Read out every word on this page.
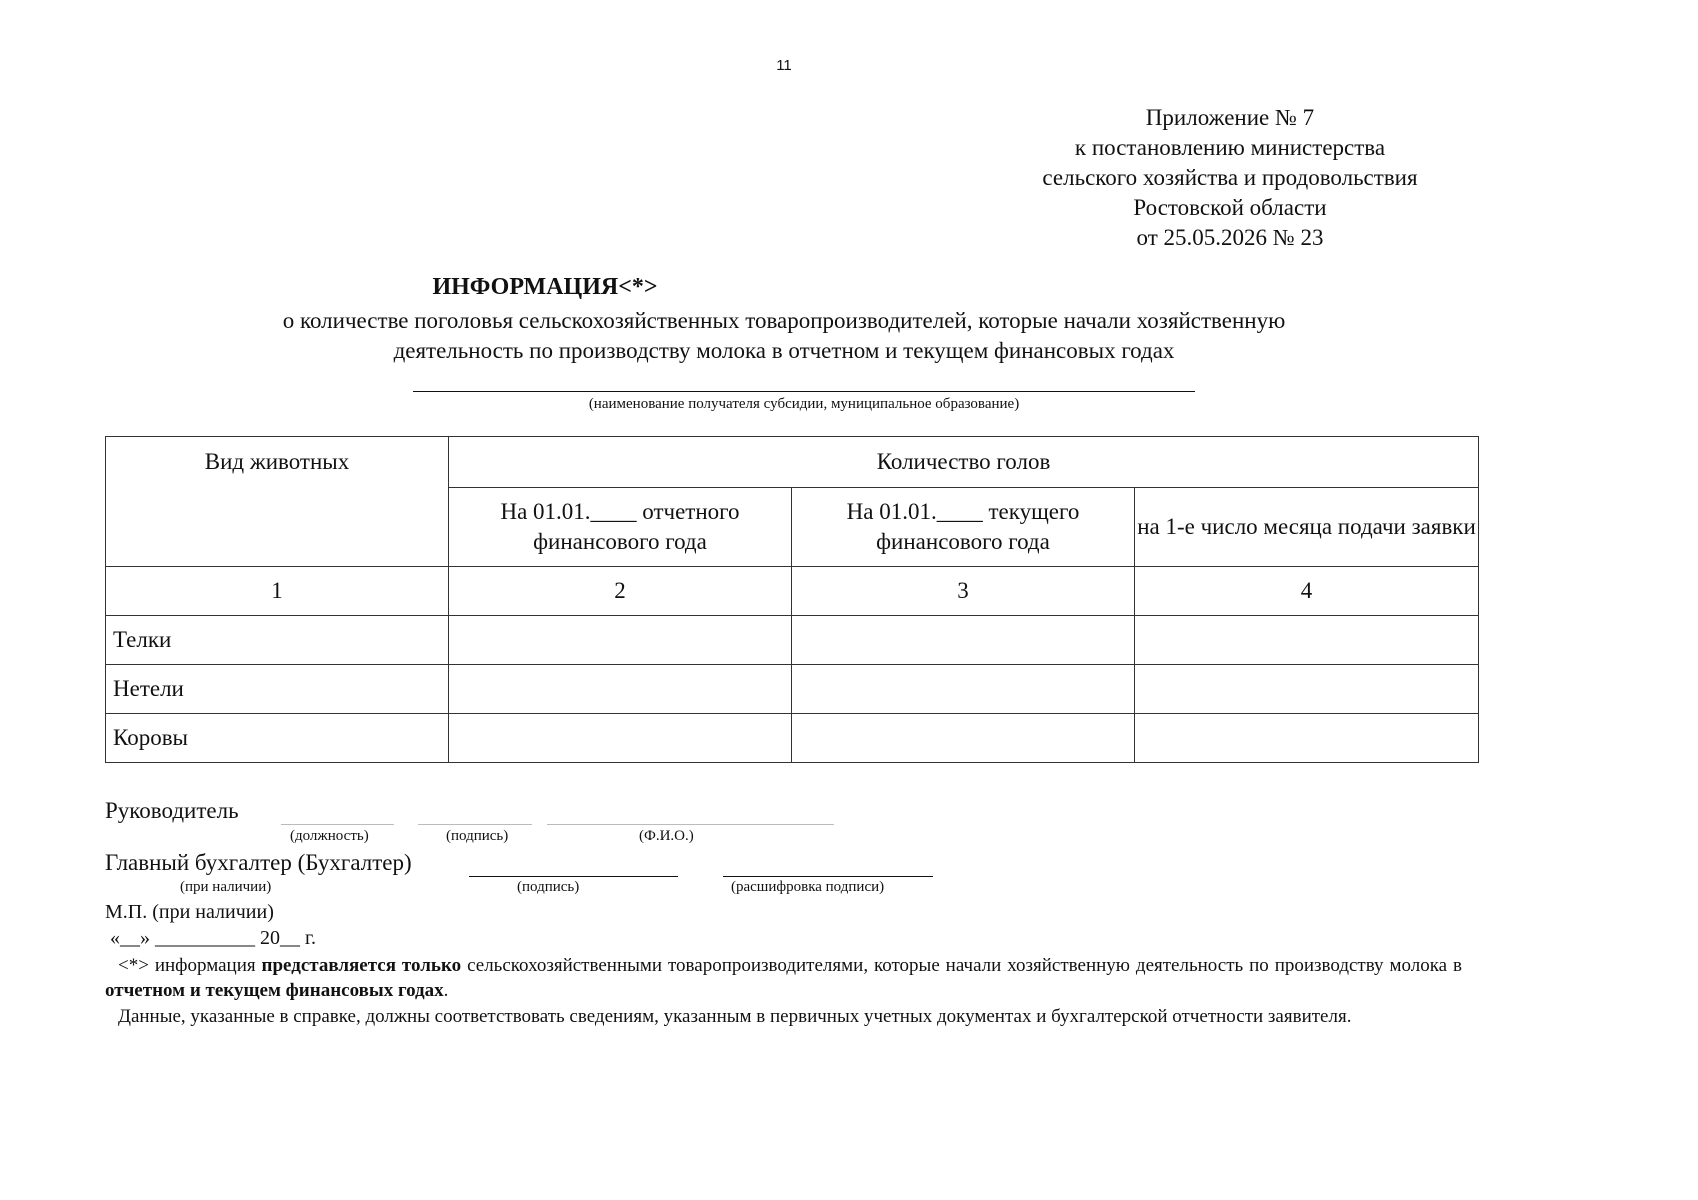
11
Приложение № 7
к постановлению министерства
сельского хозяйства и продовольствия
Ростовской области
от 25.05.2026 № 23
ИНФОРМАЦИЯ<*>
о количестве поголовья сельскохозяйственных товаропроизводителей, которые начали хозяйственную
деятельность по производству молока в отчетном и текущем финансовых годах
(наименование получателя субсидии, муниципальное образование)
Вид животных	Количество голов		
	На 01.01.____ отчетного финансового года	На 01.01.____ текущего финансового года	на 1-е число месяца подачи заявки
1	2	3	4
Телки			
Нетели			
Коровы			
Руководитель
(должность)	(подпись)	(Ф.И.О.)
Главный бухгалтер (Бухгалтер)
(при наличии)	(подпись)	(расшифровка подписи)
М.П. (при наличии)
«__» __________ 20__ г.
<*> информация представляется только сельскохозяйственными товаропроизводителями, которые начали хозяйственную деятельность по производству молока в отчетном и текущем финансовых годах.
Данные, указанные в справке, должны соответствовать сведениям, указанным в первичных учетных документах и бухгалтерской отчетности заявителя.
